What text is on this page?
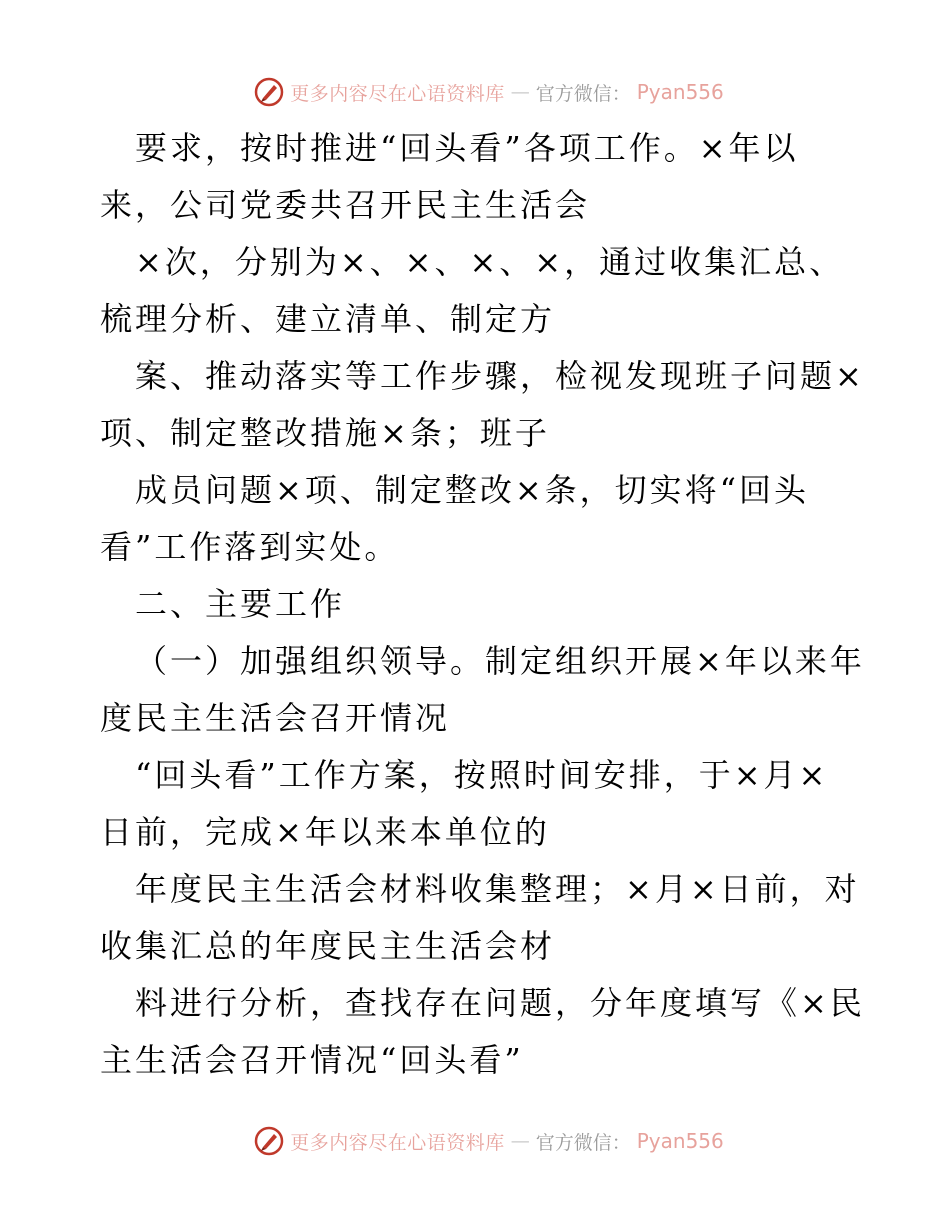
更多内容尽在心语资料库 — 官方微信： Pyan556
要求，按时推进“回头看”各项工作。×年以
来，公司党委共召开民主生活会
×次，分别为×、×、×、×，通过收集汇总、
梳理分析、建立清单、制定方
案、推动落实等工作步骤，检视发现班子问题×
项、制定整改措施×条；班子
成员问题×项、制定整改×条，切实将“回头
看”工作落到实处。
二、主要工作
（一）加强组织领导。制定组织开展×年以来年
度民主生活会召开情况
“回头看”工作方案，按照时间安排，于×月×
日前，完成×年以来本单位的
年度民主生活会材料收集整理；×月×日前，对
收集汇总的年度民主生活会材
料进行分析，查找存在问题，分年度填写《×民
主生活会召开情况“回头看”
更多内容尽在心语资料库 — 官方微信： Pyan556
